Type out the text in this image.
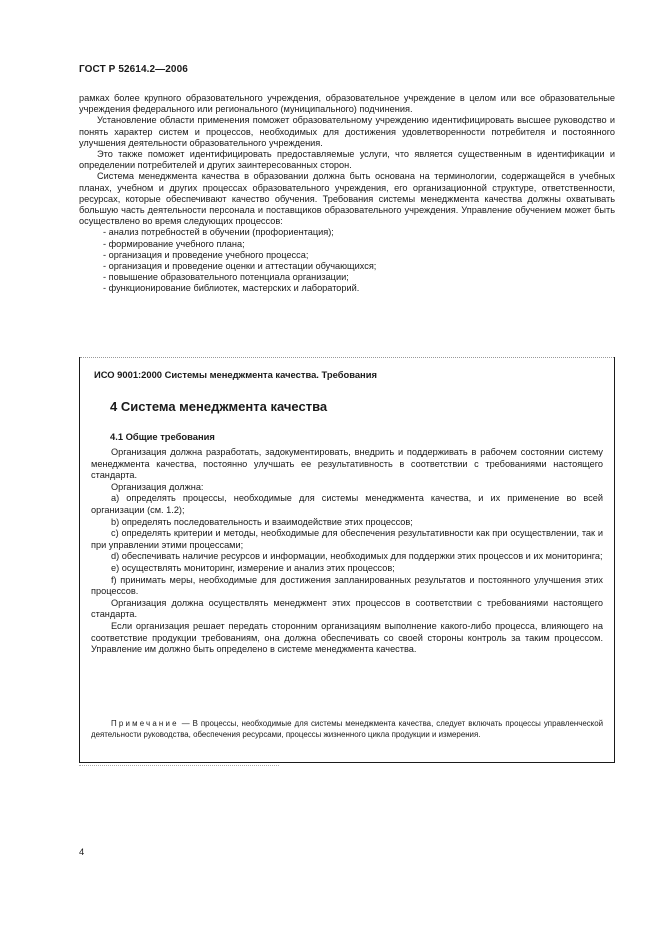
ГОСТ Р 52614.2—2006

рамках более крупного образовательного учреждения, образовательное учреждение в целом или все образовательные учреждения федерального или регионального (муниципального) подчинения.

Установление области применения поможет образовательному учреждению идентифицировать высшее руководство и понять характер систем и процессов, необходимых для достижения удовлетворенности потребителя и постоянного улучшения деятельности образовательного учреждения.

Это также поможет идентифицировать предоставляемые услуги, что является существенным в идентификации и определении потребителей и других заинтересованных сторон.

Система менеджмента качества в образовании должна быть основана на терминологии, содержащейся в учебных планах, учебном и других процессах образовательного учреждения, его организационной структуре, ответственности, ресурсах, которые обеспечивают качество обучения. Требования системы менеджмента качества должны охватывать большую часть деятельности персонала и поставщиков образовательного учреждения. Управление обучением может быть осуществлено во время следующих процессов:

- анализ потребностей в обучении (профориентация);
- формирование учебного плана;
- организация и проведение учебного процесса;
- организация и проведение оценки и аттестации обучающихся;
- повышение образовательного потенциала организации;
- функционирование библиотек, мастерских и лабораторий.
ИСО 9001:2000 Системы менеджмента качества. Требования
4 Система менеджмента качества
4.1 Общие требования

Организация должна разработать, задокументировать, внедрить и поддерживать в рабочем состоянии систему менеджмента качества, постоянно улучшать ее результативность в соответствии с требованиями настоящего стандарта.

Организация должна:

a) определять процессы, необходимые для системы менеджмента качества, и их применение во всей организации (см. 1.2);

b) определять последовательность и взаимодействие этих процессов;

c) определять критерии и методы, необходимые для обеспечения результативности как при осуществлении, так и при управлении этими процессами;

d) обеспечивать наличие ресурсов и информации, необходимых для поддержки этих процессов и их мониторинга;

e) осуществлять мониторинг, измерение и анализ этих процессов;

f) принимать меры, необходимые для достижения запланированных результатов и постоянного улучшения этих процессов.

Организация должна осуществлять менеджмент этих процессов в соответствии с требованиями настоящего стандарта.

Если организация решает передать сторонним организациям выполнение какого-либо процесса, влияющего на соответствие продукции требованиям, она должна обеспечивать со своей стороны контроль за таким процессом. Управление им должно быть определено в системе менеджмента качества.

Примечание — В процессы, необходимые для системы менеджмента качества, следует включать процессы управленческой деятельности руководства, обеспечения ресурсами, процессы жизненного цикла продукции и измерения.

4
